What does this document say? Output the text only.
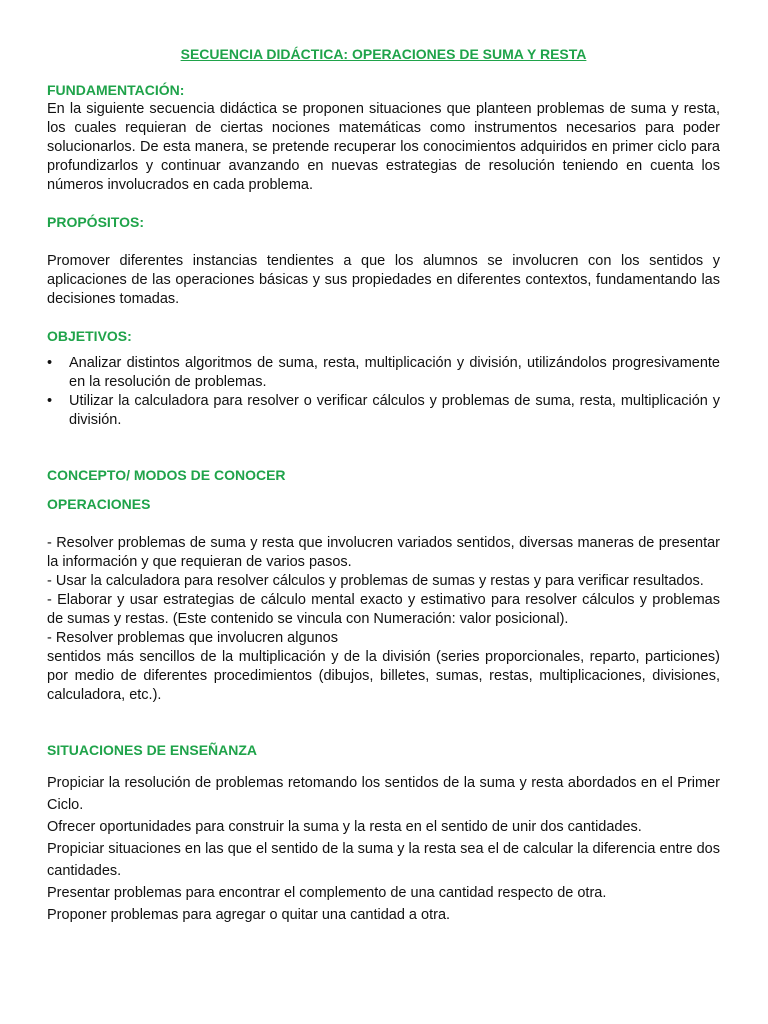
SECUENCIA DIDÁCTICA: OPERACIONES DE SUMA Y RESTA
FUNDAMENTACIÓN:

En la siguiente secuencia didáctica se proponen situaciones que planteen problemas de suma y resta, los cuales requieran de ciertas nociones matemáticas como instrumentos necesarios para poder solucionarlos. De esta manera, se pretende recuperar los conocimientos adquiridos en primer ciclo para profundizarlos y continuar avanzando en nuevas estrategias de resolución teniendo en cuenta los números involucrados en cada problema.

PROPÓSITOS:

Promover diferentes instancias tendientes a que los alumnos se involucren con los sentidos y aplicaciones de las operaciones básicas y sus propiedades en diferentes contextos, fundamentando las decisiones tomadas.

OBJETIVOS:
• Analizar distintos algoritmos de suma, resta, multiplicación y división, utilizándolos progresivamente en la resolución de problemas.
• Utilizar la calculadora para resolver o verificar cálculos y problemas de suma, resta, multiplicación y división.
CONCEPTO/ MODOS DE CONOCER
OPERACIONES

- Resolver problemas de suma y resta que involucren variados sentidos, diversas maneras de presentar la información y que requieran de varios pasos.

- Usar la calculadora para resolver cálculos y problemas de sumas y restas y para verificar resultados.

- Elaborar y usar estrategias de cálculo mental exacto y estimativo para resolver cálculos y problemas de sumas y restas. (Este contenido se vincula con Numeración: valor posicional).

- Resolver problemas que involucren algunos

sentidos más sencillos de la multiplicación y de la división (series proporcionales, reparto, particiones) por medio de diferentes procedimientos (dibujos, billetes, sumas, restas, multiplicaciones, divisiones, calculadora, etc.).

SITUACIONES DE ENSEÑANZA

Propiciar la resolución de problemas retomando los sentidos de la suma y resta abordados en el Primer Ciclo.

Ofrecer oportunidades para construir la suma y la resta en el sentido de unir dos cantidades.

Propiciar situaciones en las que el sentido de la suma y la resta sea el de calcular la diferencia entre dos cantidades.

Presentar problemas para encontrar el complemento de una cantidad respecto de otra.

Proponer problemas para agregar o quitar una cantidad a otra.
